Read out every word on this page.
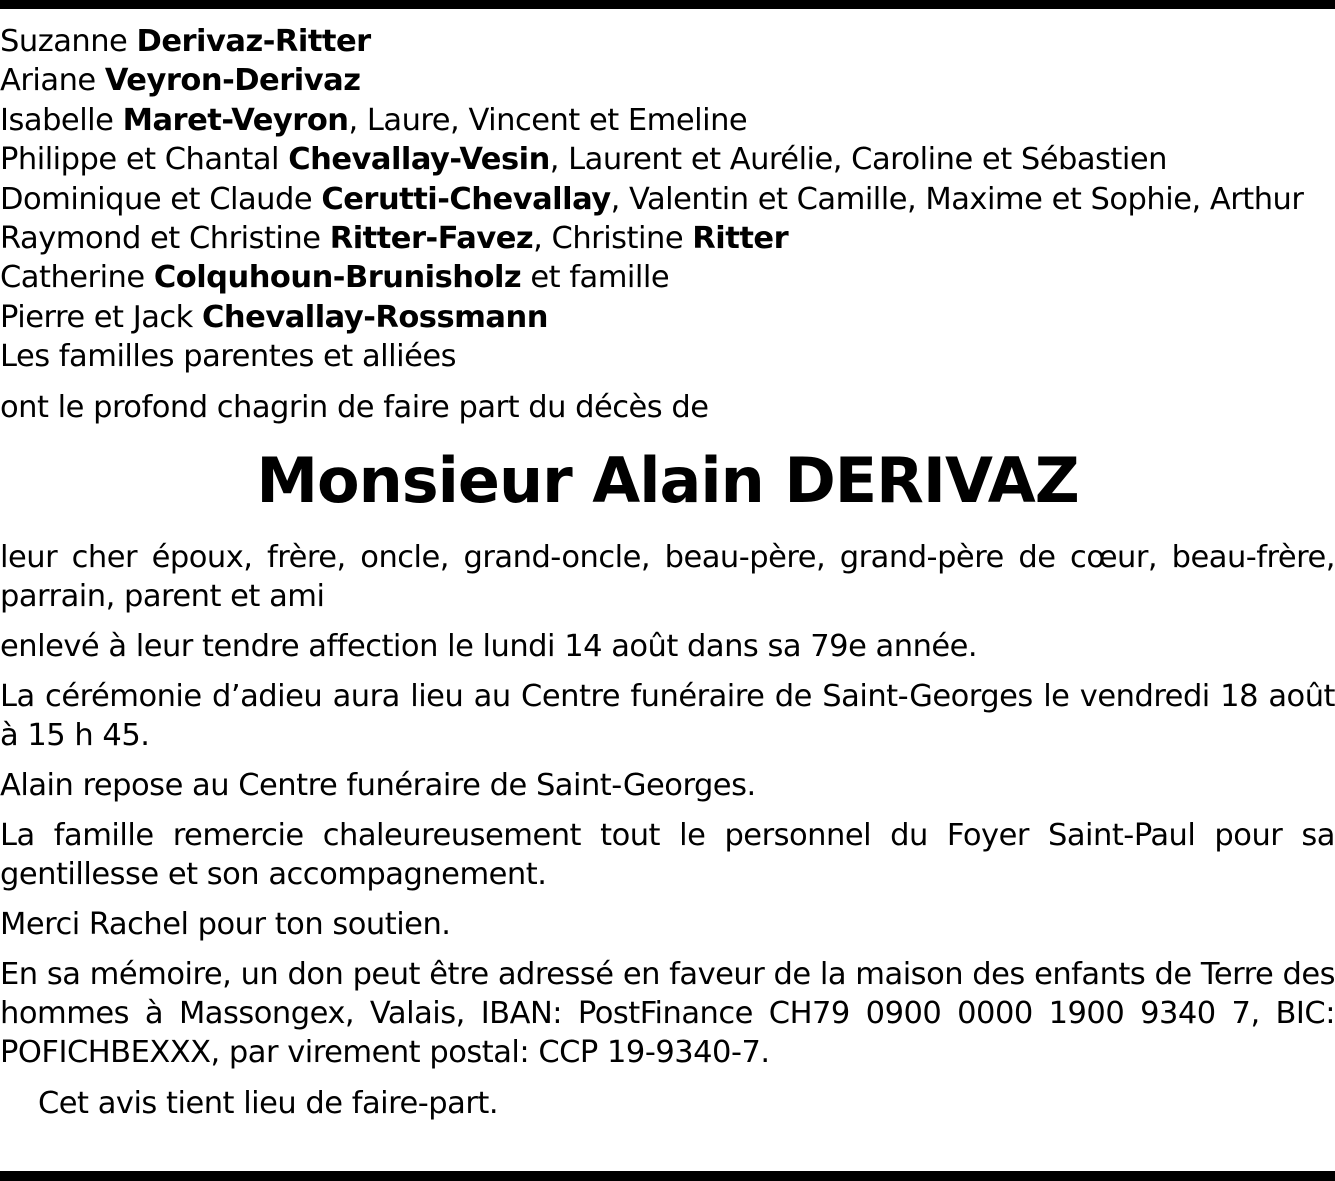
Suzanne Derivaz-Ritter
Ariane Veyron-Derivaz
Isabelle Maret-Veyron, Laure, Vincent et Emeline
Philippe et Chantal Chevallay-Vesin, Laurent et Aurélie, Caroline et Sébastien
Dominique et Claude Cerutti-Chevallay, Valentin et Camille, Maxime et Sophie, Arthur
Raymond et Christine Ritter-Favez, Christine Ritter
Catherine Colquhoun-Brunisholz et famille
Pierre et Jack Chevallay-Rossmann
Les familles parentes et alliées
ont le profond chagrin de faire part du décès de
Monsieur Alain DERIVAZ
leur cher époux, frère, oncle, grand-oncle, beau-père, grand-père de cœur, beau-frère, parrain, parent et ami
enlevé à leur tendre affection le lundi 14 août dans sa 79e année.
La cérémonie d’adieu aura lieu au Centre funéraire de Saint-Georges le vendredi 18 août à 15 h 45.
Alain repose au Centre funéraire de Saint-Georges.
La famille remercie chaleureusement tout le personnel du Foyer Saint-Paul pour sa gentillesse et son accompagnement.
Merci Rachel pour ton soutien.
En sa mémoire, un don peut être adressé en faveur de la maison des enfants de Terre des hommes à Massongex, Valais, IBAN: PostFinance CH79 0900 0000 1900 9340 7, BIC: POFICHBEXXX, par virement postal: CCP 19-9340-7.
Cet avis tient lieu de faire-part.
